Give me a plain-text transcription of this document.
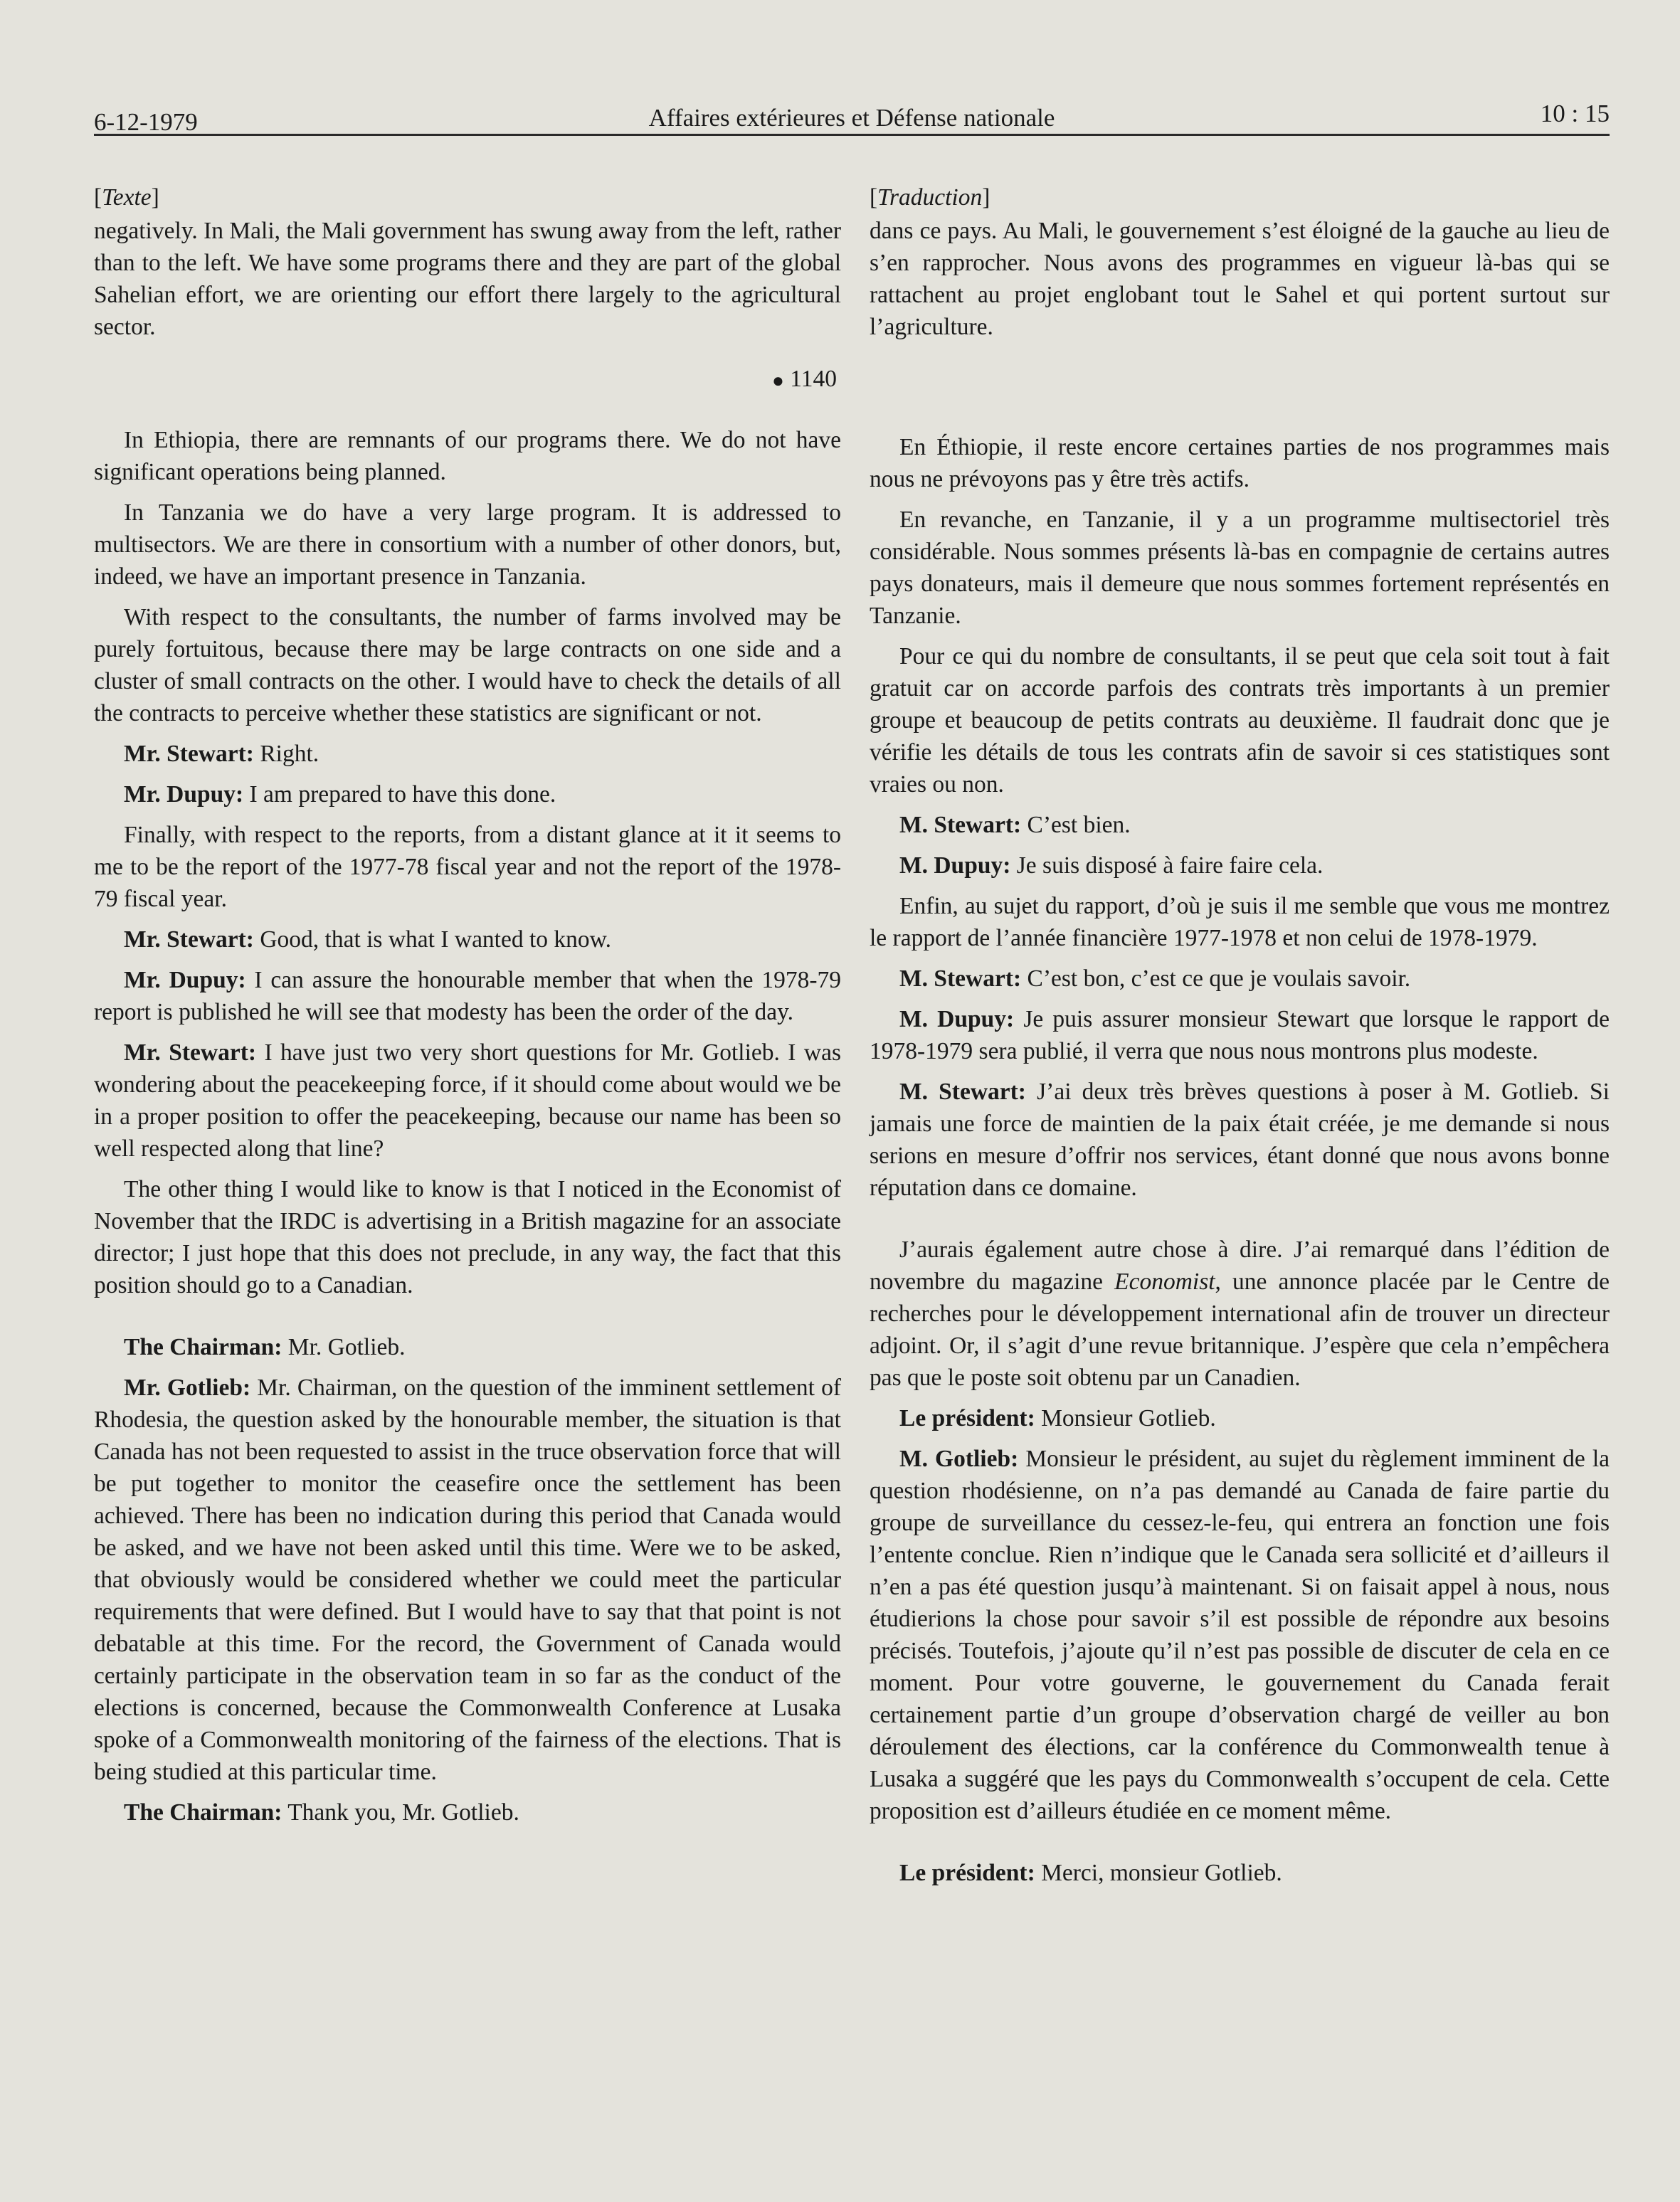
6-12-1979	Affaires extérieures et Défense nationale	10 : 15
[Texte]

negatively. In Mali, the Mali government has swung away from the left, rather than to the left. We have some programs there and they are part of the global Sahelian effort, we are orienting our effort there largely to the agricultural sector.

● 1140

In Ethiopia, there are remnants of our programs there. We do not have significant operations being planned.

In Tanzania we do have a very large program. It is addressed to multisectors. We are there in consortium with a number of other donors, but, indeed, we have an important presence in Tanzania.

With respect to the consultants, the number of farms involved may be purely fortuitous, because there may be large contracts on one side and a cluster of small contracts on the other. I would have to check the details of all the contracts to perceive whether these statistics are significant or not.

Mr. Stewart: Right.

Mr. Dupuy: I am prepared to have this done.

Finally, with respect to the reports, from a distant glance at it it seems to me to be the report of the 1977-78 fiscal year and not the report of the 1978-79 fiscal year.

Mr. Stewart: Good, that is what I wanted to know.

Mr. Dupuy: I can assure the honourable member that when the 1978-79 report is published he will see that modesty has been the order of the day.

Mr. Stewart: I have just two very short questions for Mr. Gotlieb. I was wondering about the peacekeeping force, if it should come about would we be in a proper position to offer the peacekeeping, because our name has been so well respected along that line?

The other thing I would like to know is that I noticed in the Economist of November that the IRDC is advertising in a British magazine for an associate director; I just hope that this does not preclude, in any way, the fact that this position should go to a Canadian.

The Chairman: Mr. Gotlieb.

Mr. Gotlieb: Mr. Chairman, on the question of the imminent settlement of Rhodesia, the question asked by the honourable member, the situation is that Canada has not been requested to assist in the truce observation force that will be put together to monitor the ceasefire once the settlement has been achieved. There has been no indication during this period that Canada would be asked, and we have not been asked until this time. Were we to be asked, that obviously would be considered whether we could meet the particular requirements that were defined. But I would have to say that that point is not debatable at this time. For the record, the Government of Canada would certainly participate in the observation team in so far as the conduct of the elections is concerned, because the Commonwealth Conference at Lusaka spoke of a Commonwealth monitoring of the fairness of the elections. That is being studied at this particular time.

The Chairman: Thank you, Mr. Gotlieb.

[Traduction]

dans ce pays. Au Mali, le gouvernement s’est éloigné de la gauche au lieu de s’en rapprocher. Nous avons des programmes en vigueur là-bas qui se rattachent au projet englobant tout le Sahel et qui portent surtout sur l’agriculture.

En Éthiopie, il reste encore certaines parties de nos programmes mais nous ne prévoyons pas y être très actifs.

En revanche, en Tanzanie, il y a un programme multisectoriel très considérable. Nous sommes présents là-bas en compagnie de certains autres pays donateurs, mais il demeure que nous sommes fortement représentés en Tanzanie.

Pour ce qui du nombre de consultants, il se peut que cela soit tout à fait gratuit car on accorde parfois des contrats très importants à un premier groupe et beaucoup de petits contrats au deuxième. Il faudrait donc que je vérifie les détails de tous les contrats afin de savoir si ces statistiques sont vraies ou non.

M. Stewart: C’est bien.

M. Dupuy: Je suis disposé à faire faire cela.

Enfin, au sujet du rapport, d’où je suis il me semble que vous me montrez le rapport de l’année financière 1977-1978 et non celui de 1978-1979.

M. Stewart: C’est bon, c’est ce que je voulais savoir.

M. Dupuy: Je puis assurer monsieur Stewart que lorsque le rapport de 1978-1979 sera publié, il verra que nous nous montrons plus modeste.

M. Stewart: J’ai deux très brèves questions à poser à M. Gotlieb. Si jamais une force de maintien de la paix était créée, je me demande si nous serions en mesure d’offrir nos services, étant donné que nous avons bonne réputation dans ce domaine.

J’aurais également autre chose à dire. J’ai remarqué dans l’édition de novembre du magazine Economist, une annonce placée par le Centre de recherches pour le développement international afin de trouver un directeur adjoint. Or, il s’agit d’une revue britannique. J’espère que cela n’empêchera pas que le poste soit obtenu par un Canadien.

Le président: Monsieur Gotlieb.

M. Gotlieb: Monsieur le président, au sujet du règlement imminent de la question rhodésienne, on n’a pas demandé au Canada de faire partie du groupe de surveillance du cessez-le-feu, qui entrera an fonction une fois l’entente conclue. Rien n’indique que le Canada sera sollicité et d’ailleurs il n’en a pas été question jusqu’à maintenant. Si on faisait appel à nous, nous étudierions la chose pour savoir s’il est possible de répondre aux besoins précisés. Toutefois, j’ajoute qu’il n’est pas possible de discuter de cela en ce moment. Pour votre gouverne, le gouvernement du Canada ferait certainement partie d’un groupe d’observation chargé de veiller au bon déroulement des élections, car la conférence du Commonwealth tenue à Lusaka a suggéré que les pays du Commonwealth s’occupent de cela. Cette proposition est d’ailleurs étudiée en ce moment même.

Le président: Merci, monsieur Gotlieb.
